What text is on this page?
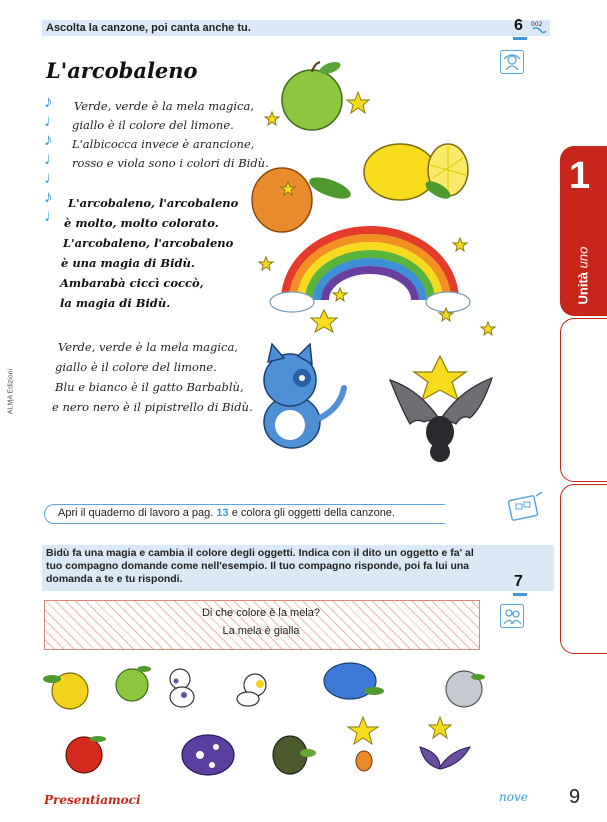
Ascolta la canzone, poi canta anche tu.	6 002
L'arcobaleno
♪
♩
♪
♩
♩
♪
♩

Verde, verde è la mela magica,

giallo è il colore del limone.

L'albicocca invece è arancione,

rosso e viola sono i colori di Bidù.

L'arcobaleno, l'arcobaleno

è molto, molto colorato.

L'arcobaleno, l'arcobaleno

è una magia di Bidù.

Ambarabà ciccì coccò,

la magia di Bidù.

Verde, verde è la mela magica,

giallo è il colore del limone.

Blu e bianco è il gatto Barbablù,

e nero nero è il pipistrello di Bidù.

ALMA Edizioni
1
Unità uno
Apri il quaderno di lavoro a pag. 13 e colora gli oggetti della canzone.
Bidù fa una magia e cambia il colore degli oggetti. Indica con il dito un oggetto e fa' al tuo compagno domande come nell'esempio. Il tuo compagno risponde, poi fa lui una domanda a te e tu rispondi.	7
Di che colore è la mela?
La mela è gialla
Presentiamoci	nove 9
